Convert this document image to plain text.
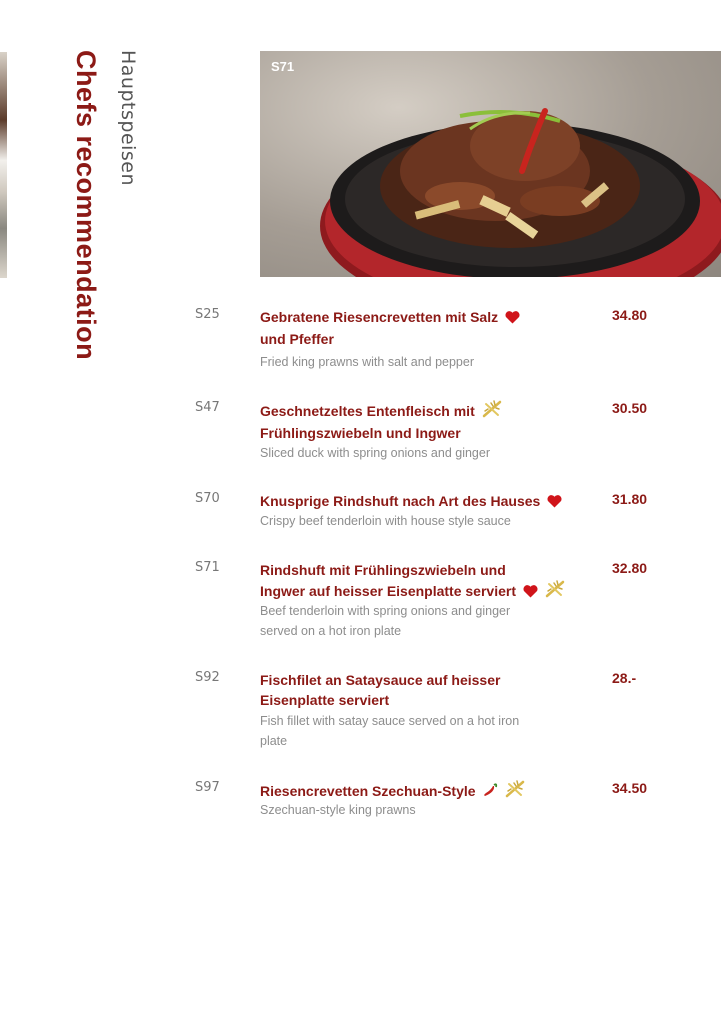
Chefs recommendation Hauptspeisen	S71
S25	Gebratene Riesencrevetten mit Salz
und Pfeffer
Fried king prawns with salt and pepper
34.80
S47	Geschnetzeltes Entenfleisch mit
Frühlingszwiebeln und Ingwer
Sliced duck with spring onions and ginger
30.50
S70	Knusprige Rindshuft nach Art des Hauses
Crispy beef tenderloin with house style sauce
31.80
S71	Rindshuft mit Frühlingszwiebeln und
Ingwer auf heisser Eisenplatte serviert
Beef tenderloin with spring onions and ginger
served on a hot iron plate
32.80
S92	Fischfilet an Sataysauce auf heisser
Eisenplatte serviert
Fish fillet with satay sauce served on a hot iron
plate
28.-
S97	Riesencrevetten Szechuan-Style
Szechuan-style king prawns
34.50
